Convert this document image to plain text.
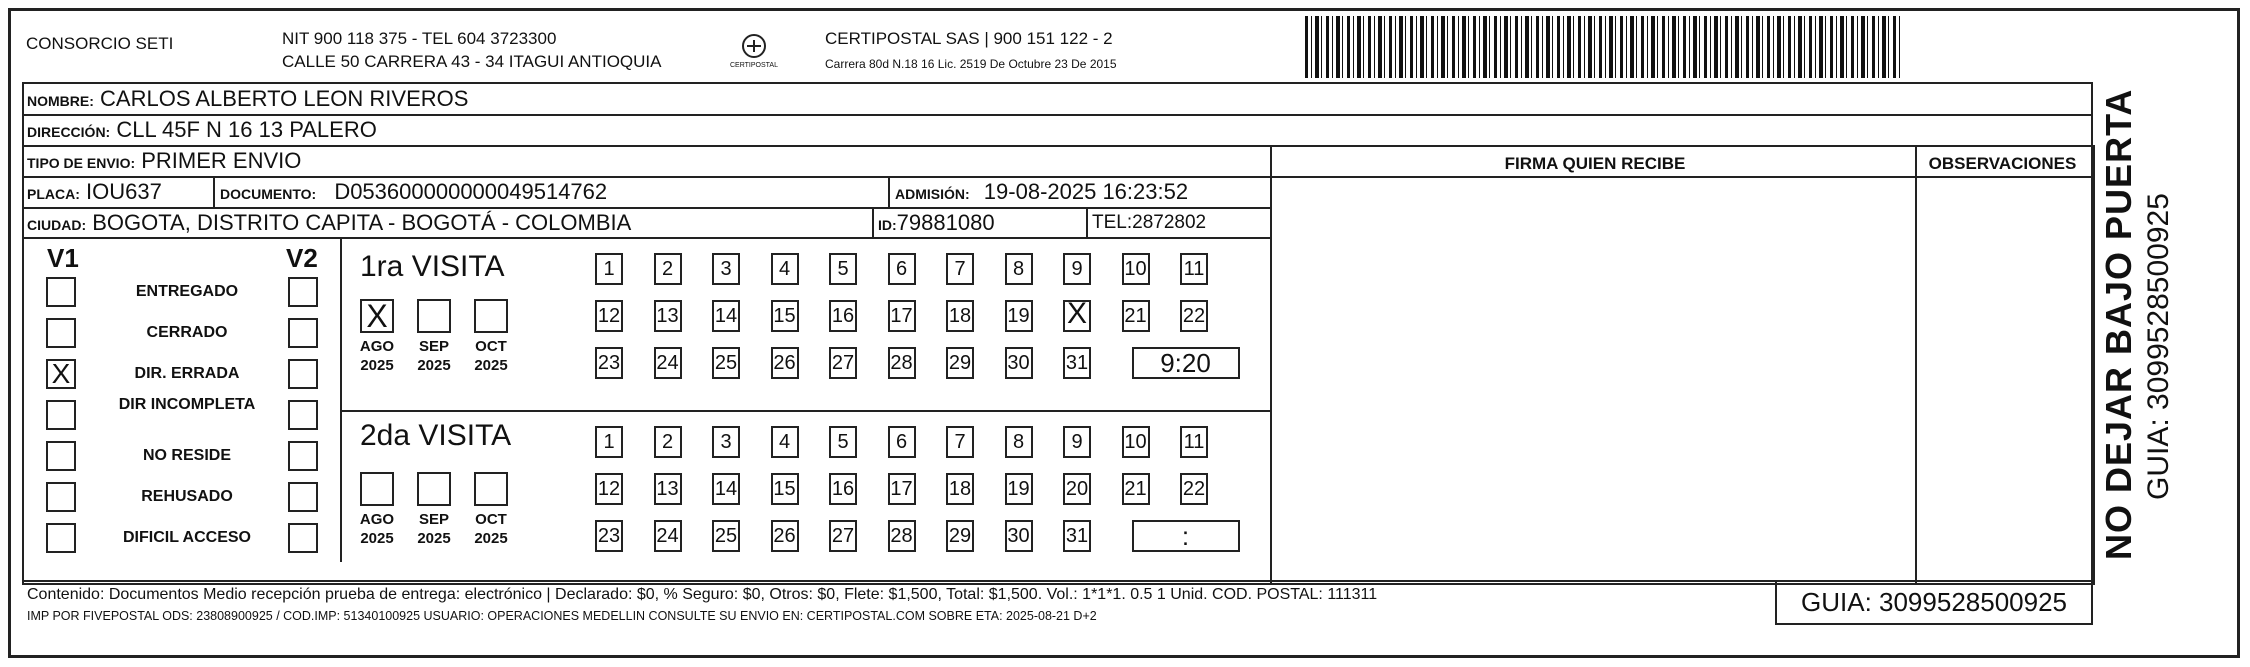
CONSORCIO SETI	NIT 900 118 375 - TEL 604 3723300
CALLE 50 CARRERA 43 - 34 ITAGUI ANTIOQUIA	CERTIPOSTAL
CERTIPOSTAL SAS | 900 151 122 - 2
Carrera 80d N.18 16 Lic. 2519 De Octubre 23 De 2015
NOMBRE: CARLOS ALBERTO LEON RIVEROS
DIRECCIÓN: CLL 45F N 16 13 PALERO
TIPO DE ENVIO: PRIMER ENVIO	FIRMA QUIEN RECIBE	OBSERVACIONES
PLACA: IOU637	DOCUMENTO: D053600000000049514762	ADMISIÓN: 19-08-2025 16:23:52
CIUDAD: BOGOTA, DISTRITO CAPITA - BOGOTÁ - COLOMBIA	ID:79881080	TEL:2872802
V1	V2
ENTREGADO
CERRADO
X	DIR. ERRADA
DIR INCOMPLETA
NO RESIDE
REHUSADO
DIFICIL ACCESO
1ra VISITA
2da VISITA
X
AGO
2025
SEP
2025
OCT
2025
1	2	3	4	5	6	7	8	9	10 11
12 13 14 15 16 17 18 19 X 21 22
23 24 25 26 27 28 29 30 31	9:20
AGO
2025
SEP
2025
OCT
2025
1	2	3	4	5	6	7	8	9	10 11
12 13 14 15 16 17 18 19 20 21 22
23 24 25 26 27 28 29 30 31	:
Contenido: Documentos Medio recepción prueba de entrega: electrónico | Declarado: $0, % Seguro: $0, Otros: $0, Flete: $1,500, Total: $1,500. Vol.: 1*1*1. 0.5 1 Unid. COD. POSTAL: 111311
IMP POR FIVEPOSTAL ODS: 23808900925 / COD.IMP: 51340100925 USUARIO: OPERACIONES MEDELLIN CONSULTE SU ENVIO EN: CERTIPOSTAL.COM SOBRE ETA: 2025-08-21 D+2	GUIA: 3099528500925
NO DEJAR BAJO PUERTA GUIA: 3099528500925
